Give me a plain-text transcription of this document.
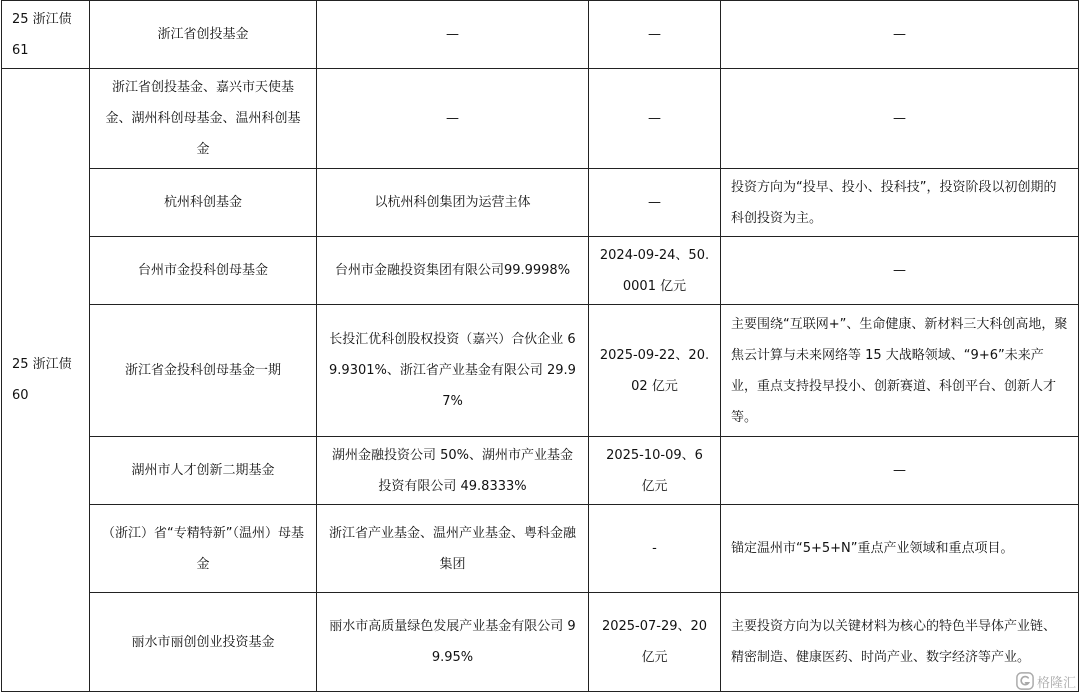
25 浙江债61	浙江省创投基金	—	—	—
25 浙江债60	浙江省创投基金、嘉兴市天使基金、湖州科创母基金、温州科创基金	—	—	—
	杭州科创基金	以杭州科创集团为运营主体	—	投资方向为“投早、投小、投科技”，投资阶段以初创期的科创投资为主。
	台州市金投科创母基金	台州市金融投资集团有限公司99.9998%	2024-09-24、50.0001 亿元	—
	浙江省金投科创母基金一期	长投汇优科创股权投资（嘉兴）合伙企业 69.9301%、浙江省产业基金有限公司 29.97%	2025-09-22、20.02 亿元	主要围绕“互联网+”、生命健康、新材料三大科创高地，聚焦云计算与未来网络等 15 大战略领域、“9+6”未来产业，重点支持投早投小、创新赛道、科创平台、创新人才等。
	湖州市人才创新二期基金	湖州金融投资公司 50%、湖州市产业基金投资有限公司 49.8333%	2025-10-09、6 亿元	—
	（浙江）省“专精特新”（温州）母基金	浙江省产业基金、温州产业基金、粤科金融集团	-	锚定温州市“5+5+N”重点产业领域和重点项目。
	丽水市丽创创业投资基金	丽水市高质量绿色发展产业基金有限公司 99.95%	2025-07-29、20 亿元	主要投资方向为以关键材料为核心的特色半导体产业链、精密制造、健康医药、时尚产业、数字经济等产业。
格隆汇
